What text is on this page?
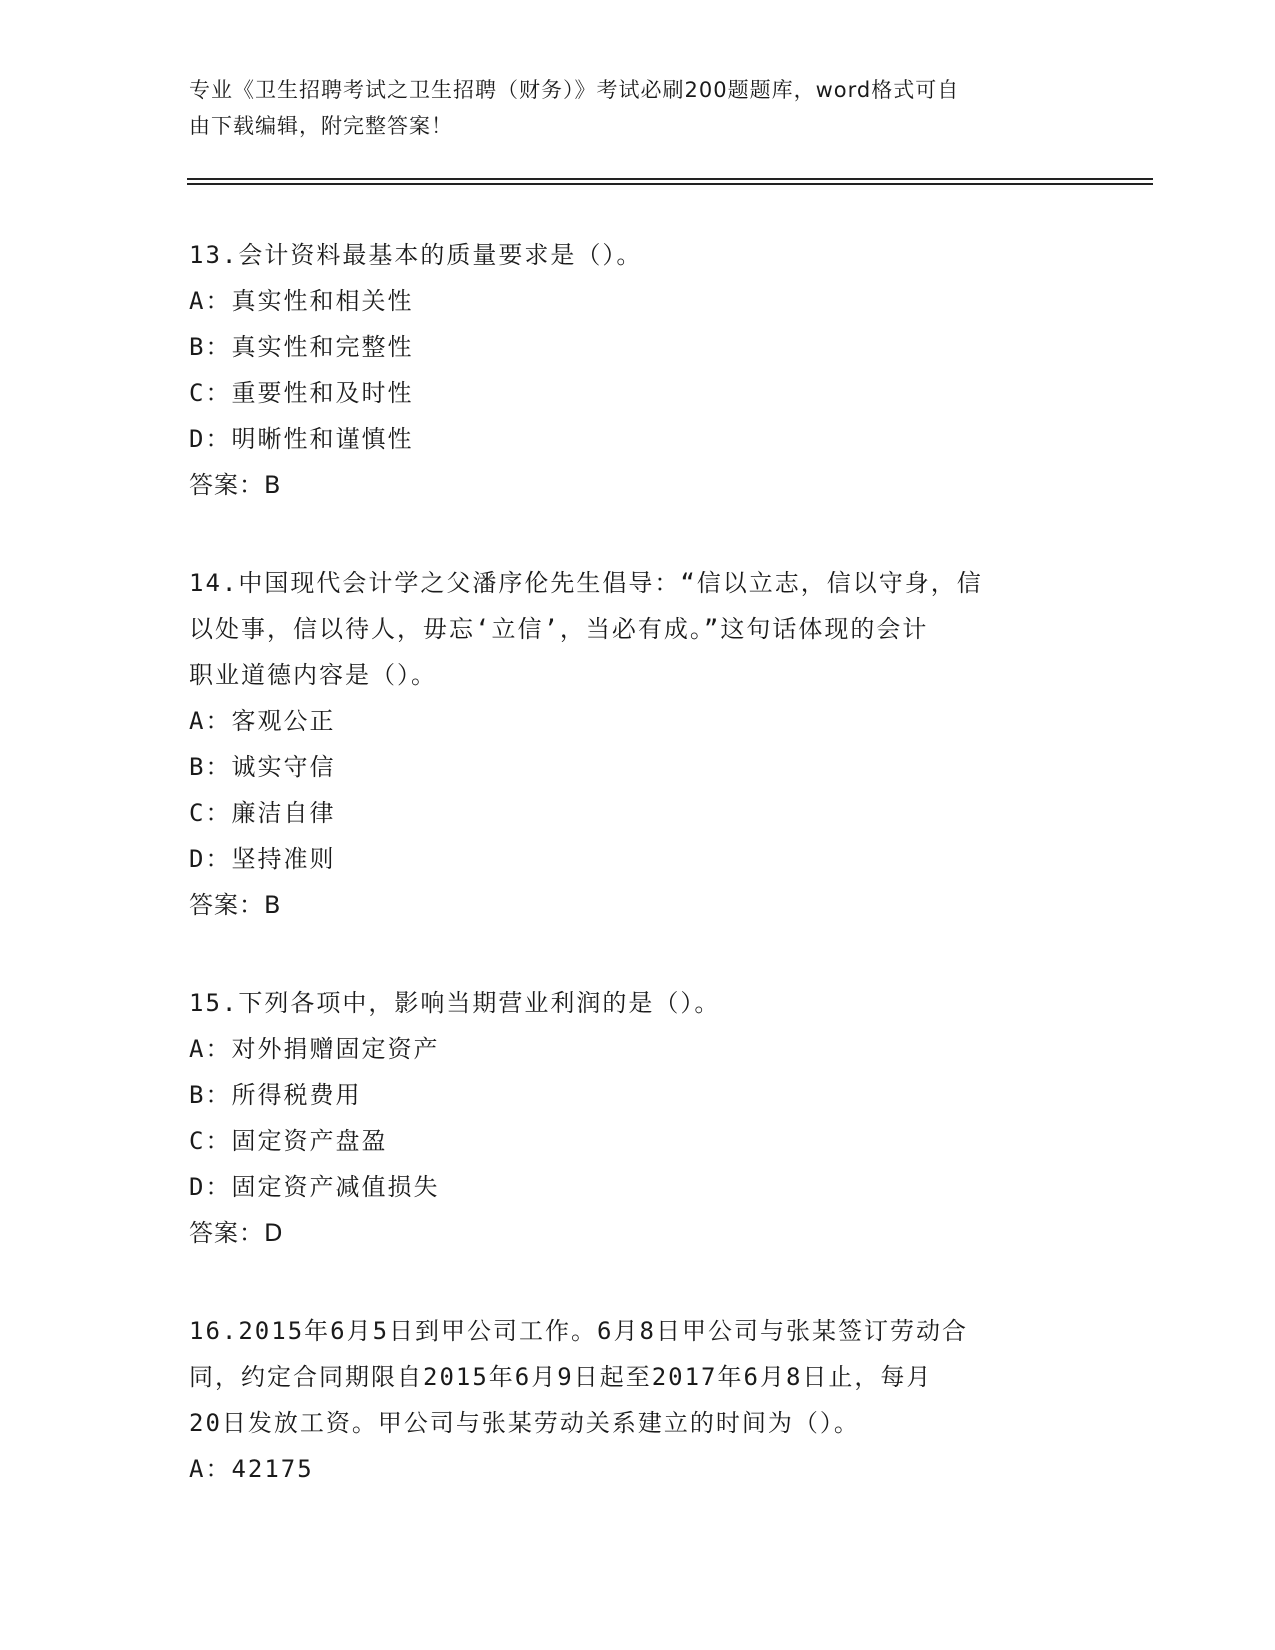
专业《卫生招聘考试之卫生招聘（财务）》考试必刷200题题库，word格式可自
由下载编辑，附完整答案！
13.会计资料最基本的质量要求是（）。
A：真实性和相关性
B：真实性和完整性
C：重要性和及时性
D：明晰性和谨慎性
答案：B
14.中国现代会计学之父潘序伦先生倡导：“信以立志，信以守身，信
以处事，信以待人，毋忘‘立信’，当必有成。”这句话体现的会计
职业道德内容是（）。
A：客观公正
B：诚实守信
C：廉洁自律
D：坚持准则
答案：B
15.下列各项中，影响当期营业利润的是（）。
A：对外捐赠固定资产
B：所得税费用
C：固定资产盘盈
D：固定资产减值损失
答案：D
16.2015年6月5日到甲公司工作。6月8日甲公司与张某签订劳动合
同，约定合同期限自2015年6月9日起至2017年6月8日止，每月
20日发放工资。甲公司与张某劳动关系建立的时间为（）。
A：42175
